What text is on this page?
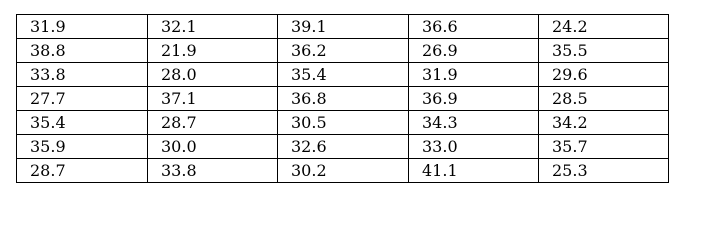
31.9	32.1	39.1	36.6	24.2
38.8	21.9	36.2	26.9	35.5
33.8	28.0	35.4	31.9	29.6
27.7	37.1	36.8	36.9	28.5
35.4	28.7	30.5	34.3	34.2
35.9	30.0	32.6	33.0	35.7
28.7	33.8	30.2	41.1	25.3
